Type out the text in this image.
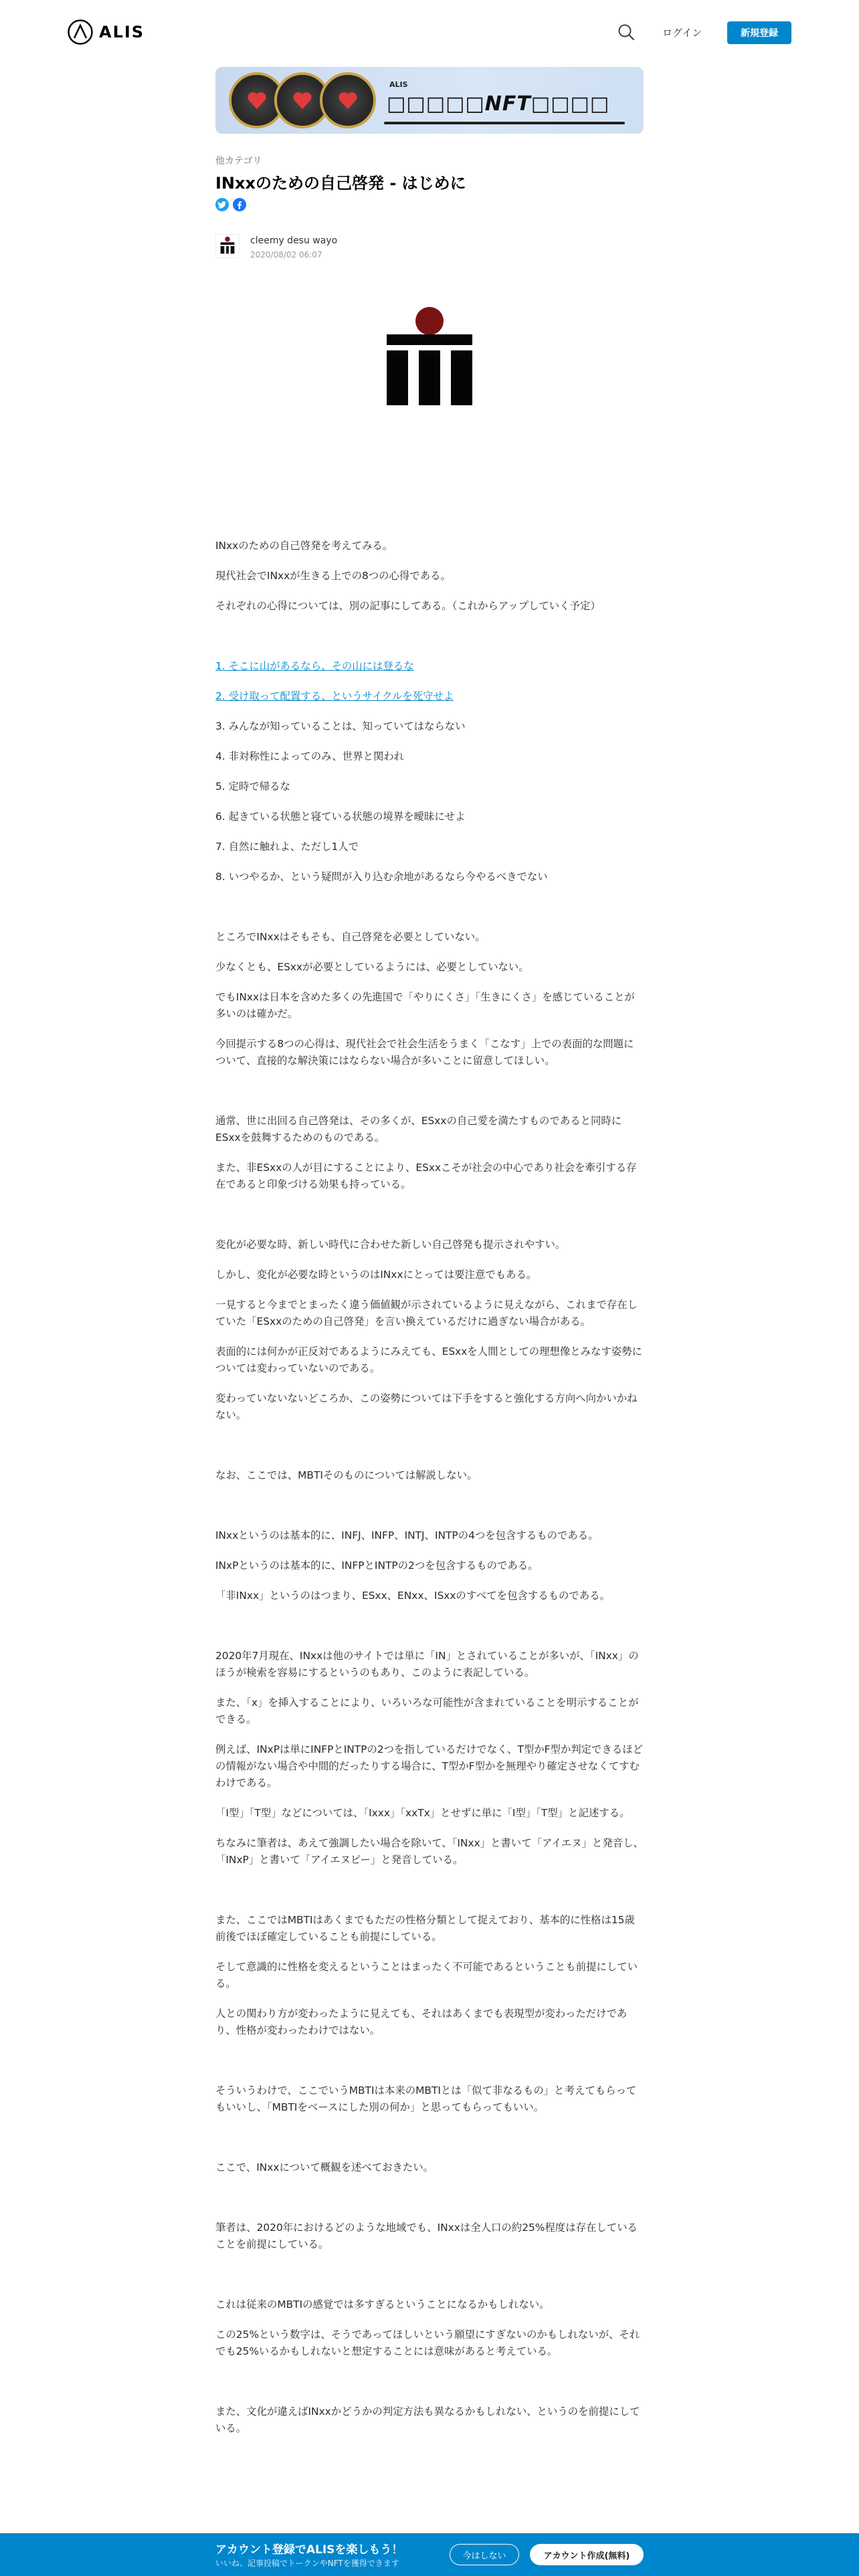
ALIS	ログイン	新規登録
ALIS
□□□□□NFT□□□□
他カテゴリ
INxxのための自己啓発 - はじめに
cleemy desu wayo
2020/08/02 06:07

INxxのための自己啓発を考えてみる。

現代社会でINxxが生きる上での8つの心得である。

それぞれの心得については、別の記事にしてある。（これからアップしていく予定）

1. そこに山があるなら、その山には登るな

2. 受け取って配置する、というサイクルを死守せよ

3. みんなが知っていることは、知っていてはならない

4. 非対称性によってのみ、世界と関われ

5. 定時で帰るな

6. 起きている状態と寝ている状態の境界を曖昧にせよ

7. 自然に触れよ、ただし1人で

8. いつやるか、という疑問が入り込む余地があるなら今やるべきでない

ところでINxxはそもそも、自己啓発を必要としていない。

少なくとも、ESxxが必要としているようには、必要としていない。

でもINxxは日本を含めた多くの先進国で「やりにくさ」「生きにくさ」を感じていることが多いのは確かだ。

今回提示する8つの心得は、現代社会で社会生活をうまく「こなす」上での表面的な問題について、直接的な解決策にはならない場合が多いことに留意してほしい。

通常、世に出回る自己啓発は、その多くが、ESxxの自己愛を満たすものであると同時にESxxを鼓舞するためのものである。

また、非ESxxの人が目にすることにより、ESxxこそが社会の中心であり社会を牽引する存在であると印象づける効果も持っている。

変化が必要な時、新しい時代に合わせた新しい自己啓発も提示されやすい。

しかし、変化が必要な時というのはINxxにとっては要注意でもある。

一見すると今までとまったく違う価値観が示されているように見えながら、これまで存在していた「ESxxのための自己啓発」を言い換えているだけに過ぎない場合がある。

表面的には何かが正反対であるようにみえても、ESxxを人間としての理想像とみなす姿勢については変わっていないのである。

変わっていないないどころか、この姿勢については下手をすると強化する方向へ向かいかねない。

なお、ここでは、MBTIそのものについては解説しない。

INxxというのは基本的に、INFJ、INFP、INTJ、INTPの4つを包含するものである。

INxPというのは基本的に、INFPとINTPの2つを包含するものである。

「非INxx」というのはつまり、ESxx、ENxx、ISxxのすべてを包含するものである。

2020年7月現在、INxxは他のサイトでは単に「IN」とされていることが多いが、「INxx」のほうが検索を容易にするというのもあり、このように表記している。

また、「x」を挿入することにより、いろいろな可能性が含まれていることを明示することができる。

例えば、INxPは単にINFPとINTPの2つを指しているだけでなく、T型かF型か判定できるほどの情報がない場合や中間的だったりする場合に、T型かF型かを無理やり確定させなくてすむわけである。

「I型」「T型」などについては、「Ixxx」「xxTx」とせずに単に「I型」「T型」と記述する。

ちなみに筆者は、あえて強調したい場合を除いて、「INxx」と書いて「アイエヌ」と発音し、「INxP」と書いて「アイエヌピー」と発音している。

また、ここではMBTIはあくまでもただの性格分類として捉えており、基本的に性格は15歳前後でほぼ確定していることも前提にしている。

そして意識的に性格を変えるということはまったく不可能であるということも前提にしている。

人との関わり方が変わったように見えても、それはあくまでも表現型が変わっただけであり、性格が変わったわけではない。

そういうわけで、ここでいうMBTIは本来のMBTIとは「似て非なるもの」と考えてもらってもいいし、「MBTIをベースにした別の何か」と思ってもらってもいい。

ここで、INxxについて概観を述べておきたい。

筆者は、2020年におけるどのような地域でも、INxxは全人口の約25%程度は存在していることを前提にしている。

これは従来のMBTIの感覚では多すぎるということになるかもしれない。

この25%という数字は、そうであってほしいという願望にすぎないのかもしれないが、それでも25%いるかもしれないと想定することには意味があると考えている。

また、文化が違えばINxxかどうかの判定方法も異なるかもしれない、というのを前提にしている。

アカウント登録でALISを楽しもう！
いいね、記事投稿でトークンやNFTを獲得できます
今はしない	アカウント作成(無料)
